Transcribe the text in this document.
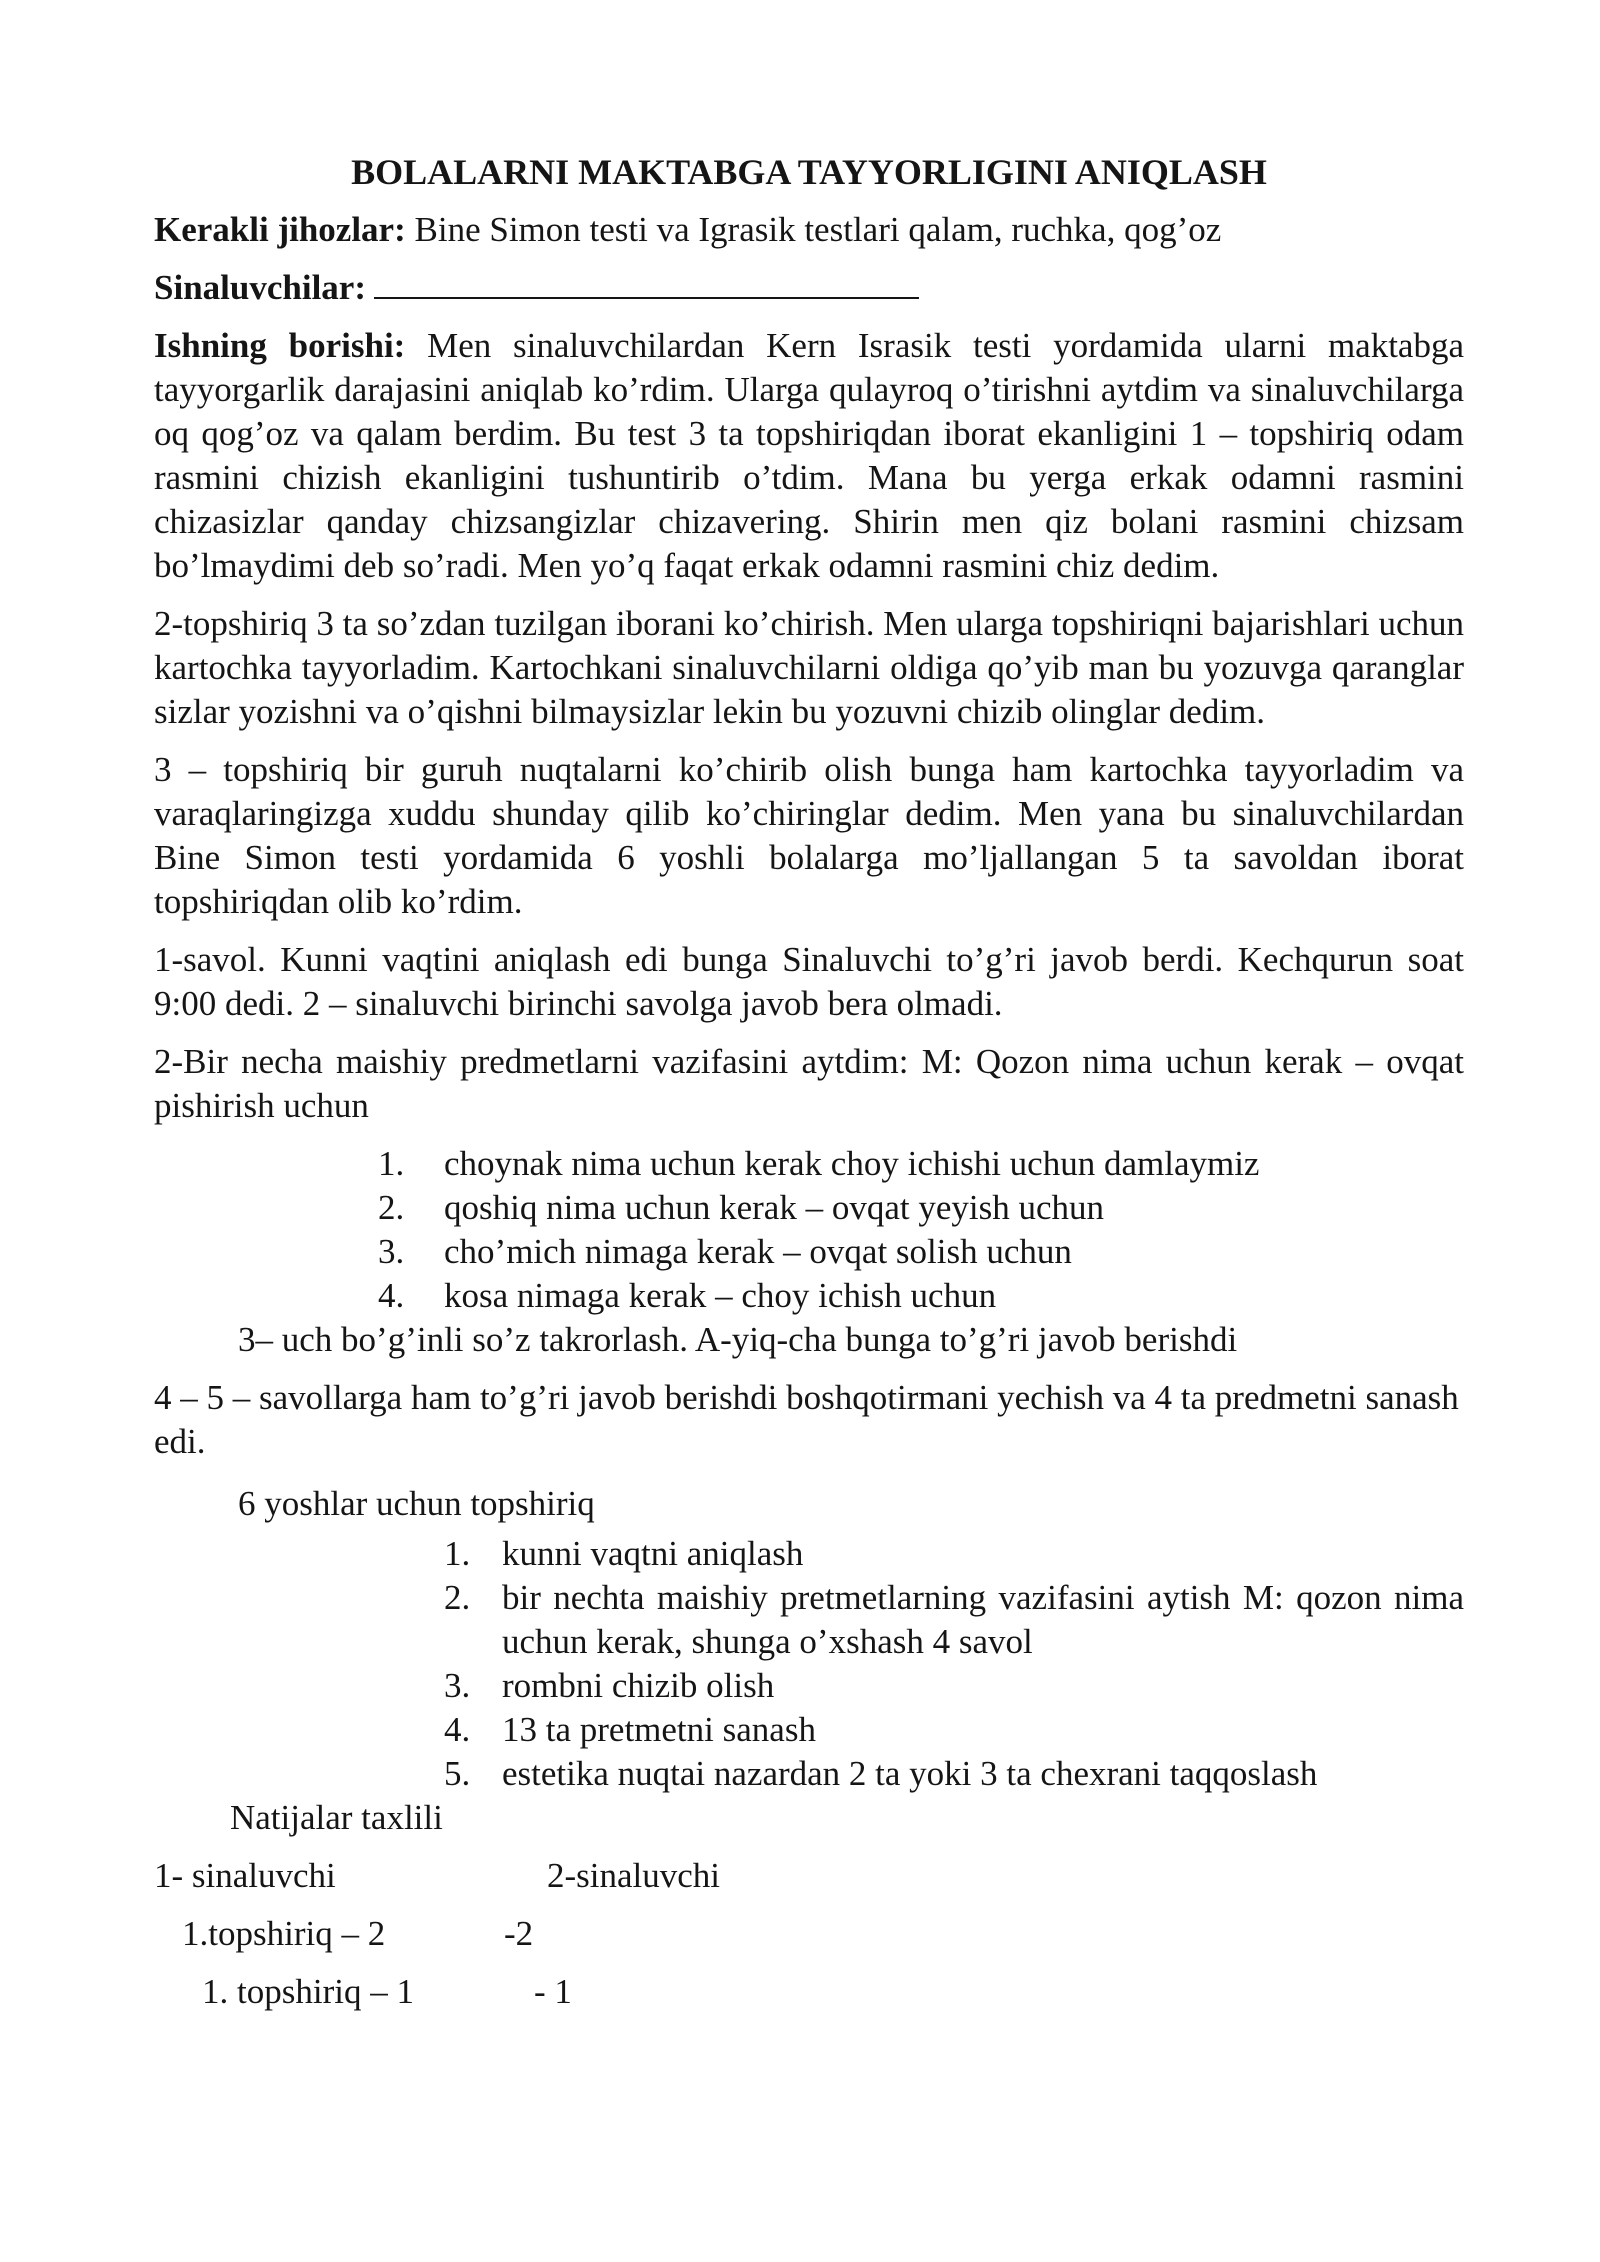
BOLALARNI MAKTABGA TAYYORLIGINI ANIQLASH

Kerakli jihozlar: Bine Simon testi va Igrasik testlari qalam, ruchka, qog’oz

Sinaluvchilar:

Ishning borishi: Men sinaluvchilardan Kern Israsik testi yordamida ularni maktabga tayyorgarlik darajasini aniqlab ko’rdim. Ularga qulayroq o’tirishni aytdim va sinaluvchilarga oq qog’oz va qalam berdim. Bu test 3 ta topshiriqdan iborat ekanligini 1 – topshiriq odam rasmini chizish ekanligini tushuntirib o’tdim. Mana bu yerga erkak odamni rasmini chizasizlar qanday chizsangizlar chizavering. Shirin men qiz bolani rasmini chizsam bo’lmaydimi deb so’radi. Men yo’q faqat erkak odamni rasmini chiz dedim.

2-topshiriq 3 ta so’zdan tuzilgan iborani ko’chirish. Men ularga topshiriqni bajarishlari uchun kartochka tayyorladim. Kartochkani sinaluvchilarni oldiga qo’yib man bu yozuvga qaranglar sizlar yozishni va o’qishni bilmaysizlar lekin bu yozuvni chizib olinglar dedim.

3 – topshiriq bir guruh nuqtalarni ko’chirib olish bunga ham kartochka tayyorladim va varaqlaringizga xuddu shunday qilib ko’chiringlar dedim. Men yana bu sinaluvchilardan Bine Simon testi yordamida 6 yoshli bolalarga mo’ljallangan 5 ta savoldan iborat topshiriqdan olib ko’rdim.

1-savol. Kunni vaqtini aniqlash edi bunga Sinaluvchi to’g’ri javob berdi. Kechqurun soat 9:00 dedi. 2 – sinaluvchi birinchi savolga javob bera olmadi.

2-Bir necha maishiy predmetlarni vazifasini aytdim: M: Qozon nima uchun kerak – ovqat pishirish uchun

1.	choynak nima uchun kerak choy ichishi uchun damlaymiz
2.	qoshiq nima uchun kerak – ovqat yeyish uchun
3.	cho’mich nimaga kerak – ovqat solish uchun
4.	kosa nimaga kerak – choy ichish uchun

3– uch bo’g’inli so’z takrorlash. A-yiq-cha bunga to’g’ri javob berishdi

4 – 5 – savollarga ham to’g’ri javob berishdi boshqotirmani yechish va 4 ta predmetni sanash edi.

6 yoshlar uchun topshiriq

1. kunni vaqtni aniqlash
2. bir nechta maishiy pretmetlarning vazifasini aytish M: qozon nima uchun kerak, shunga o’xshash 4 savol
3. rombni chizib olish
4. 13 ta pretmetni sanash
5. estetika nuqtai nazardan 2 ta yoki 3 ta chexrani taqqoslash

Natijalar taxlili

1- sinaluvchi	2-sinaluvchi
1.topshiriq – 2	-2
1. topshiriq – 1	- 1
